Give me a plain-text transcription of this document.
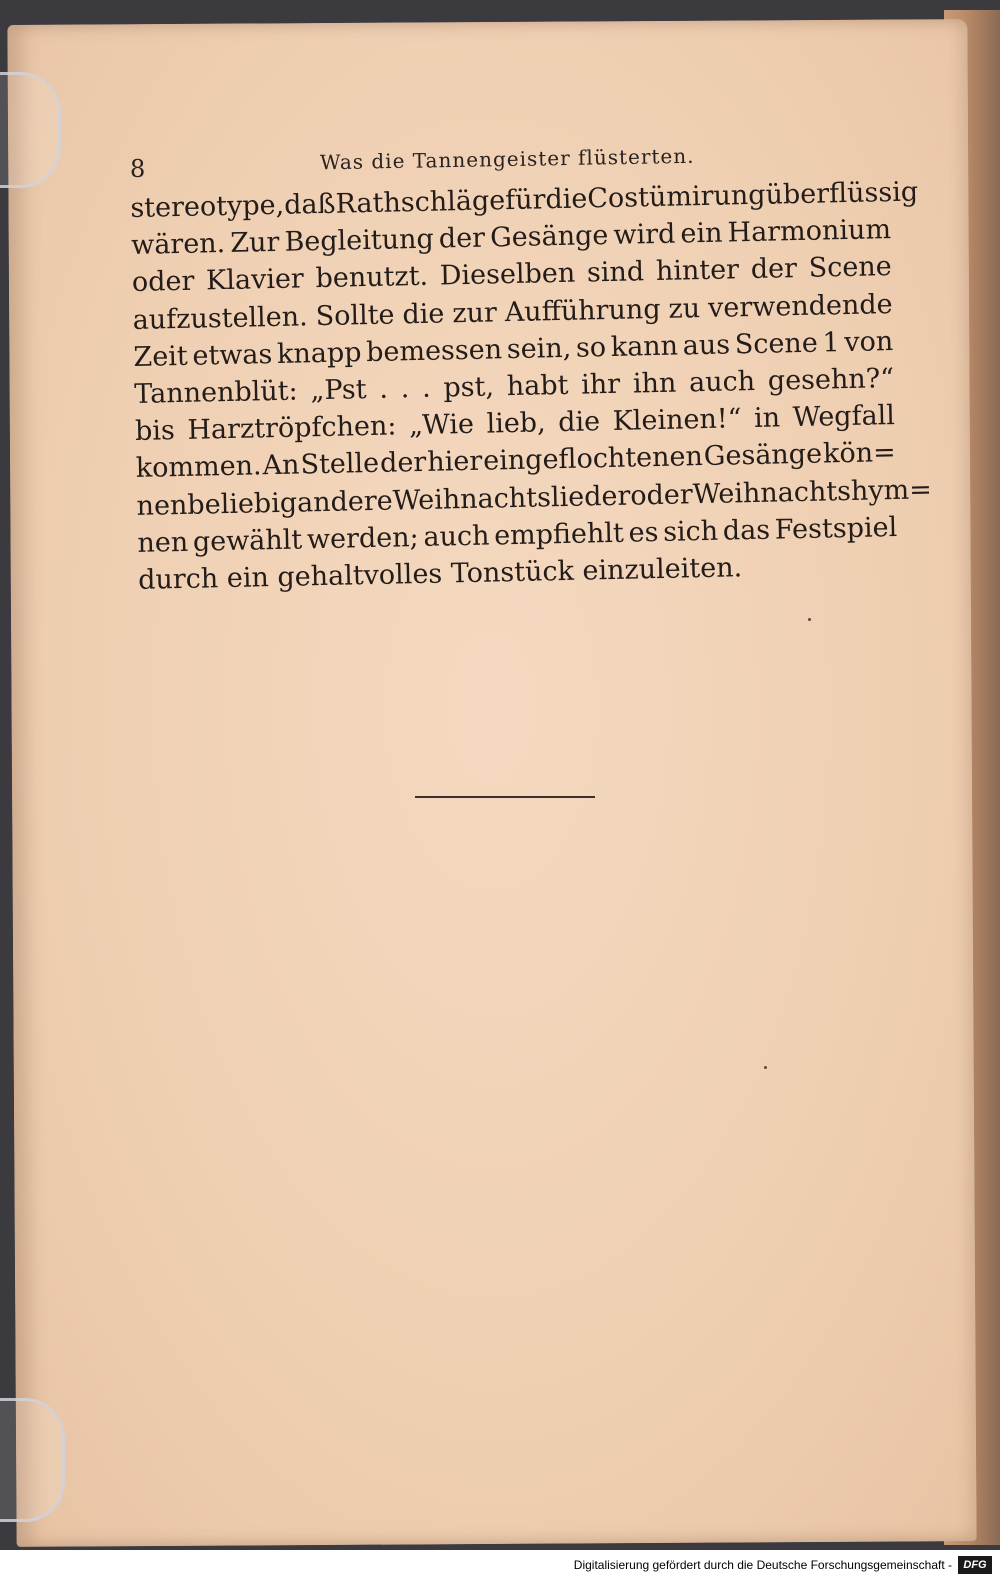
8	Was die Tannengeister flüsterten.
stereotype, daß Rathschläge für die Costümirung überflüssig
wären. Zur Begleitung der Gesänge wird ein Harmonium
oder Klavier benutzt. Dieselben sind hinter der Scene
aufzustellen. Sollte die zur Aufführung zu verwendende
Zeit etwas knapp bemessen sein, so kann aus Scene 1 von
Tannenblüt: „Pst . . . pst, habt ihr ihn auch gesehn?“
bis Harztröpfchen: „Wie lieb, die Kleinen!“ in Wegfall
kommen. An Stelle der hier eingeflochtenen Gesänge kön=
nen beliebig andere Weihnachtslieder oder Weihnachtshym=
nen gewählt werden; auch empfiehlt es sich das Festspiel
durch ein gehaltvolles Tonstück einzuleiten.
Digitalisierung gefördert durch die Deutsche Forschungsgemeinschaft -	DFG
